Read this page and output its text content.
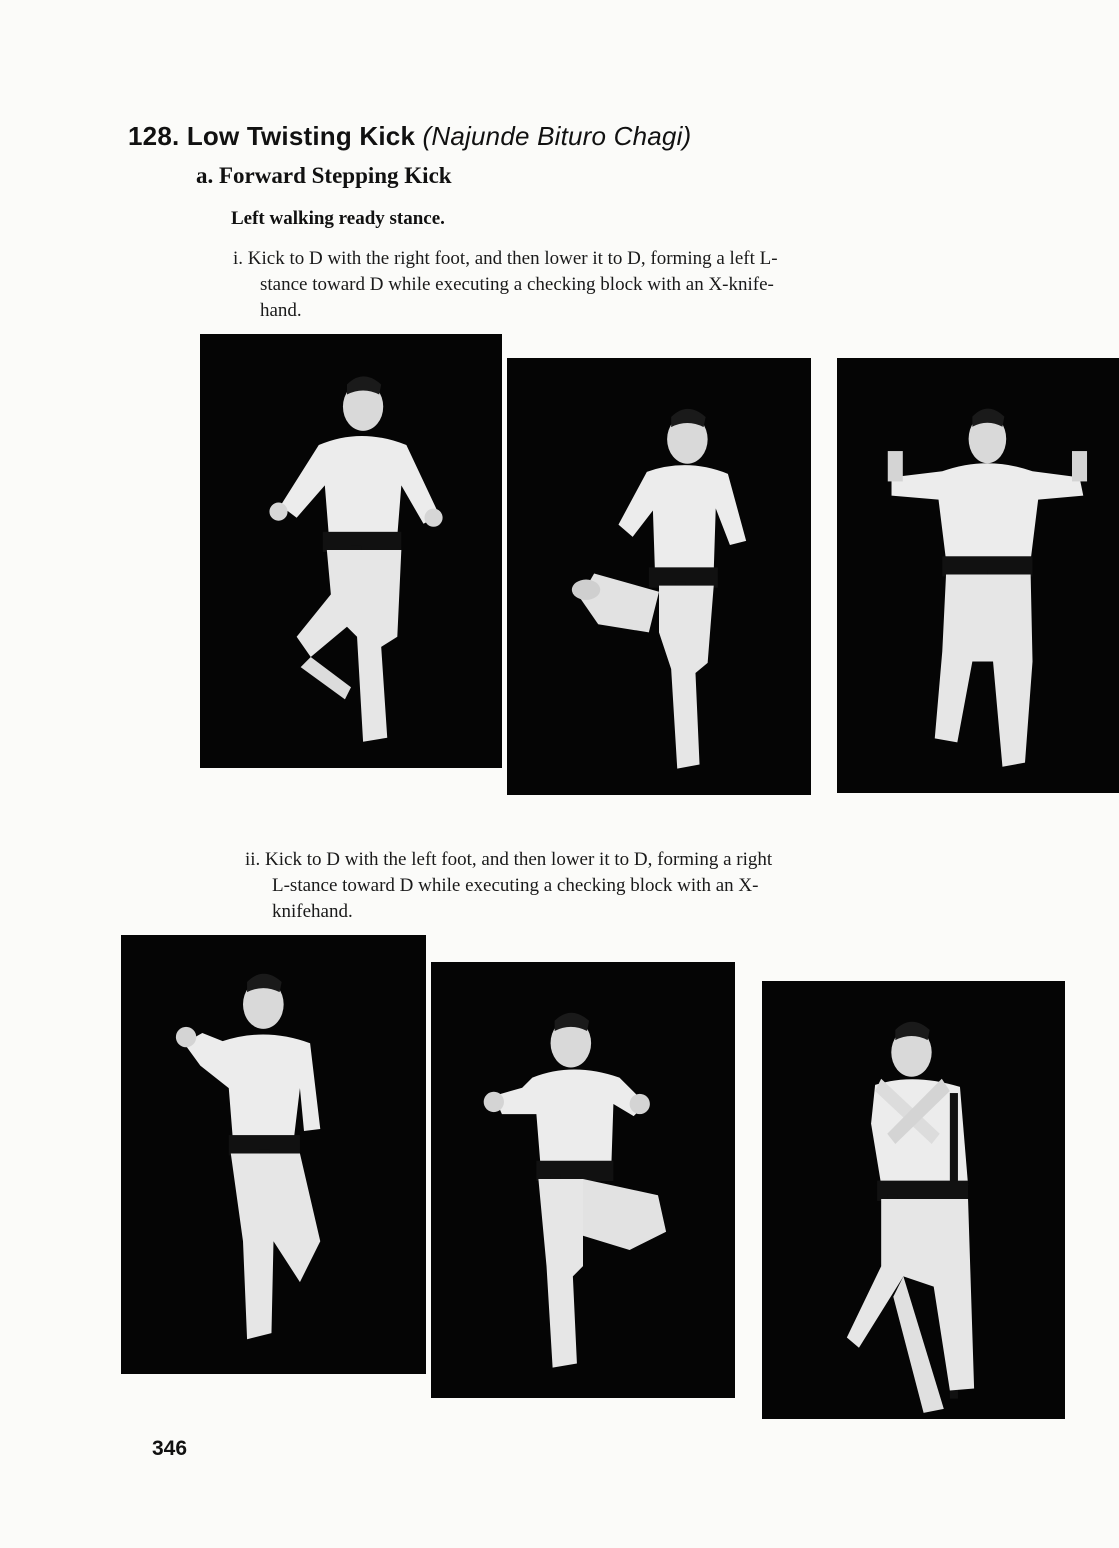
128. Low Twisting Kick (Najunde Bituro Chagi)
a. Forward Stepping Kick
Left walking ready stance.
i. Kick to D with the right foot, and then lower it to D, forming a left L-
stance toward D while executing a checking block with an X-knife-
hand.
ii. Kick to D with the left foot, and then lower it to D, forming a right
L-stance toward D while executing a checking block with an X-
knifehand.
346
